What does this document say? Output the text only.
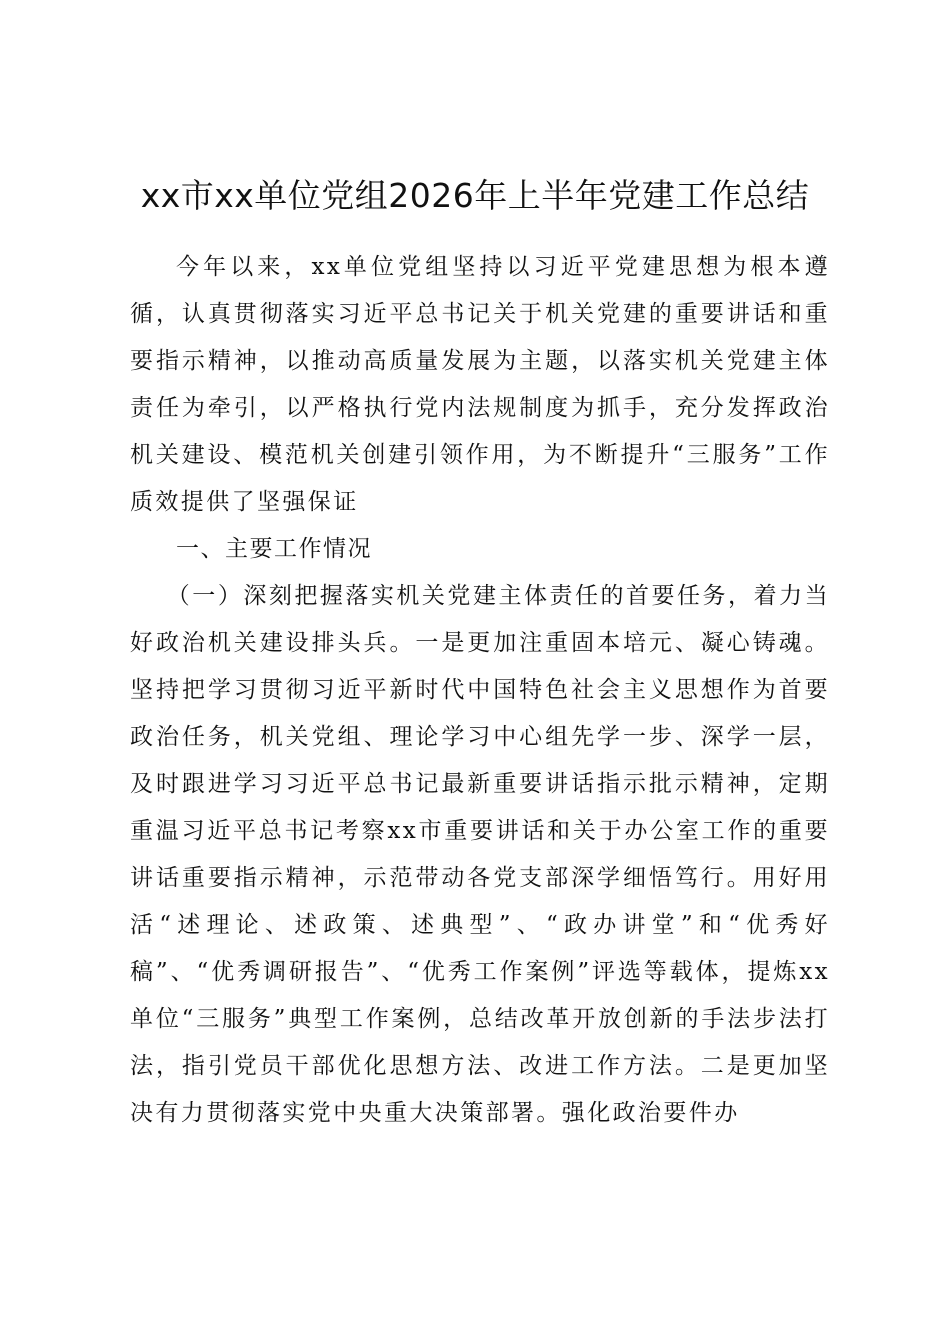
xx市xx单位党组2026年上半年党建工作总结

今年以来，xx单位党组坚持以习近平党建思想为根本遵循，认真贯彻落实习近平总书记关于机关党建的重要讲话和重要指示精神，以推动高质量发展为主题，以落实机关党建主体责任为牵引，以严格执行党内法规制度为抓手，充分发挥政治机关建设、模范机关创建引领作用，为不断提升“三服务”工作质效提供了坚强保证

一、主要工作情况

（一）深刻把握落实机关党建主体责任的首要任务，着力当好政治机关建设排头兵。一是更加注重固本培元、凝心铸魂。坚持把学习贯彻习近平新时代中国特色社会主义思想作为首要政治任务，机关党组、理论学习中心组先学一步、深学一层，及时跟进学习习近平总书记最新重要讲话指示批示精神，定期重温习近平总书记考察xx市重要讲话和关于办公室工作的重要讲话重要指示精神，示范带动各党支部深学细悟笃行。用好用活“述理论、述政策、述典型”、“政办讲堂”和“优秀好稿”、“优秀调研报告”、“优秀工作案例”评选等载体，提炼xx单位“三服务”典型工作案例，总结改革开放创新的手法步法打法，指引党员干部优化思想方法、改进工作方法。二是更加坚决有力贯彻落实党中央重大决策部署。强化政治要件办
